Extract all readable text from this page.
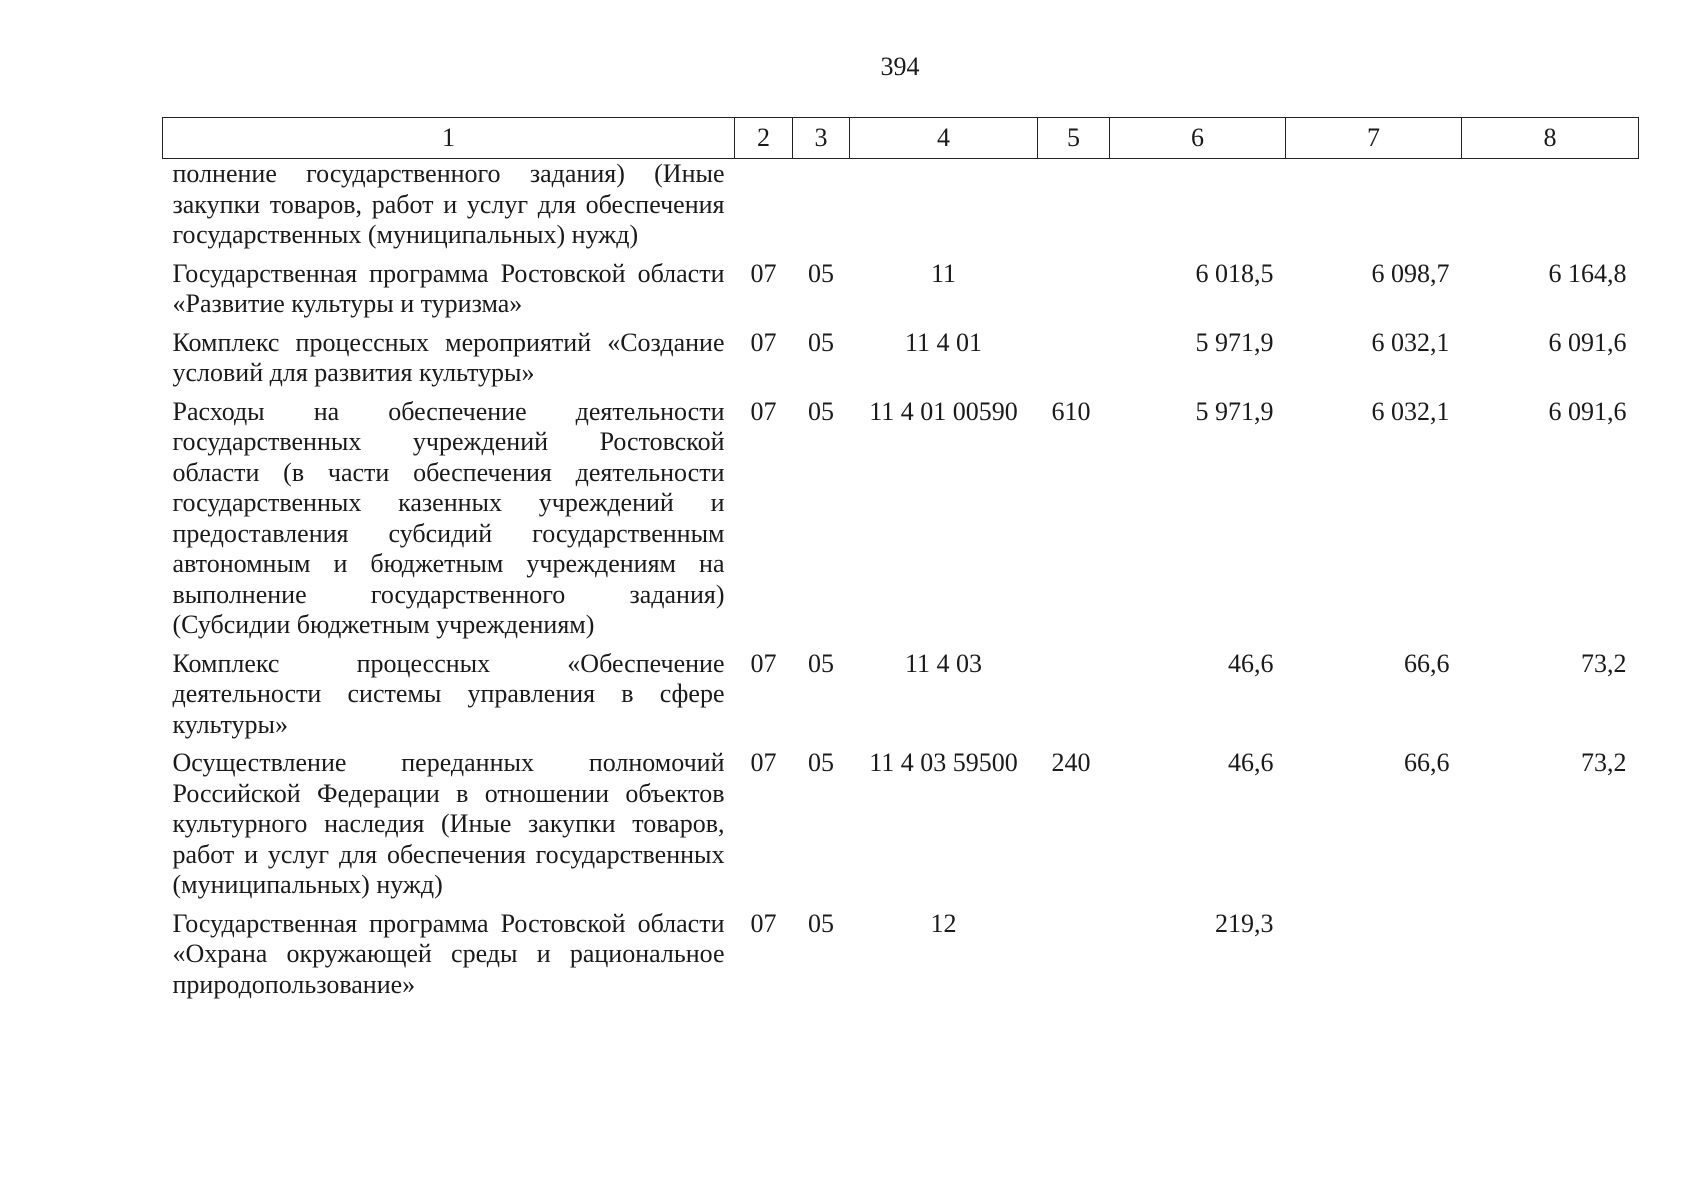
394
1	2	3	4	5	6	7	8
полнение государственного задания) (Иные закупки товаров, работ и услуг для обеспечения государственных (муниципальных) нужд)							
Государственная программа Ростовской области «Развитие культуры и туризма»	07	05	11		6 018,5	6 098,7	6 164,8
Комплекс процессных мероприятий «Создание условий для развития культуры»	07	05	11 4 01		5 971,9	6 032,1	6 091,6
Расходы на обеспечение деятельности государственных учреждений Ростовской области (в части обеспечения деятельности государственных казенных учреждений и предоставления субсидий государственным автономным и бюджетным учреждениям на выполнение государственного задания) (Субсидии бюджетным учреждениям)	07	05	11 4 01 00590	610	5 971,9	6 032,1	6 091,6
Комплекс процессных «Обеспечение деятельности системы управления в сфере культуры»	07	05	11 4 03		46,6	66,6	73,2
Осуществление переданных полномочий Российской Федерации в отношении объектов культурного наследия (Иные закупки товаров, работ и услуг для обеспечения государственных (муниципальных) нужд)	07	05	11 4 03 59500	240	46,6	66,6	73,2
Государственная программа Ростовской области «Охрана окружающей среды и рациональное природопользование»	07	05	12		219,3		
